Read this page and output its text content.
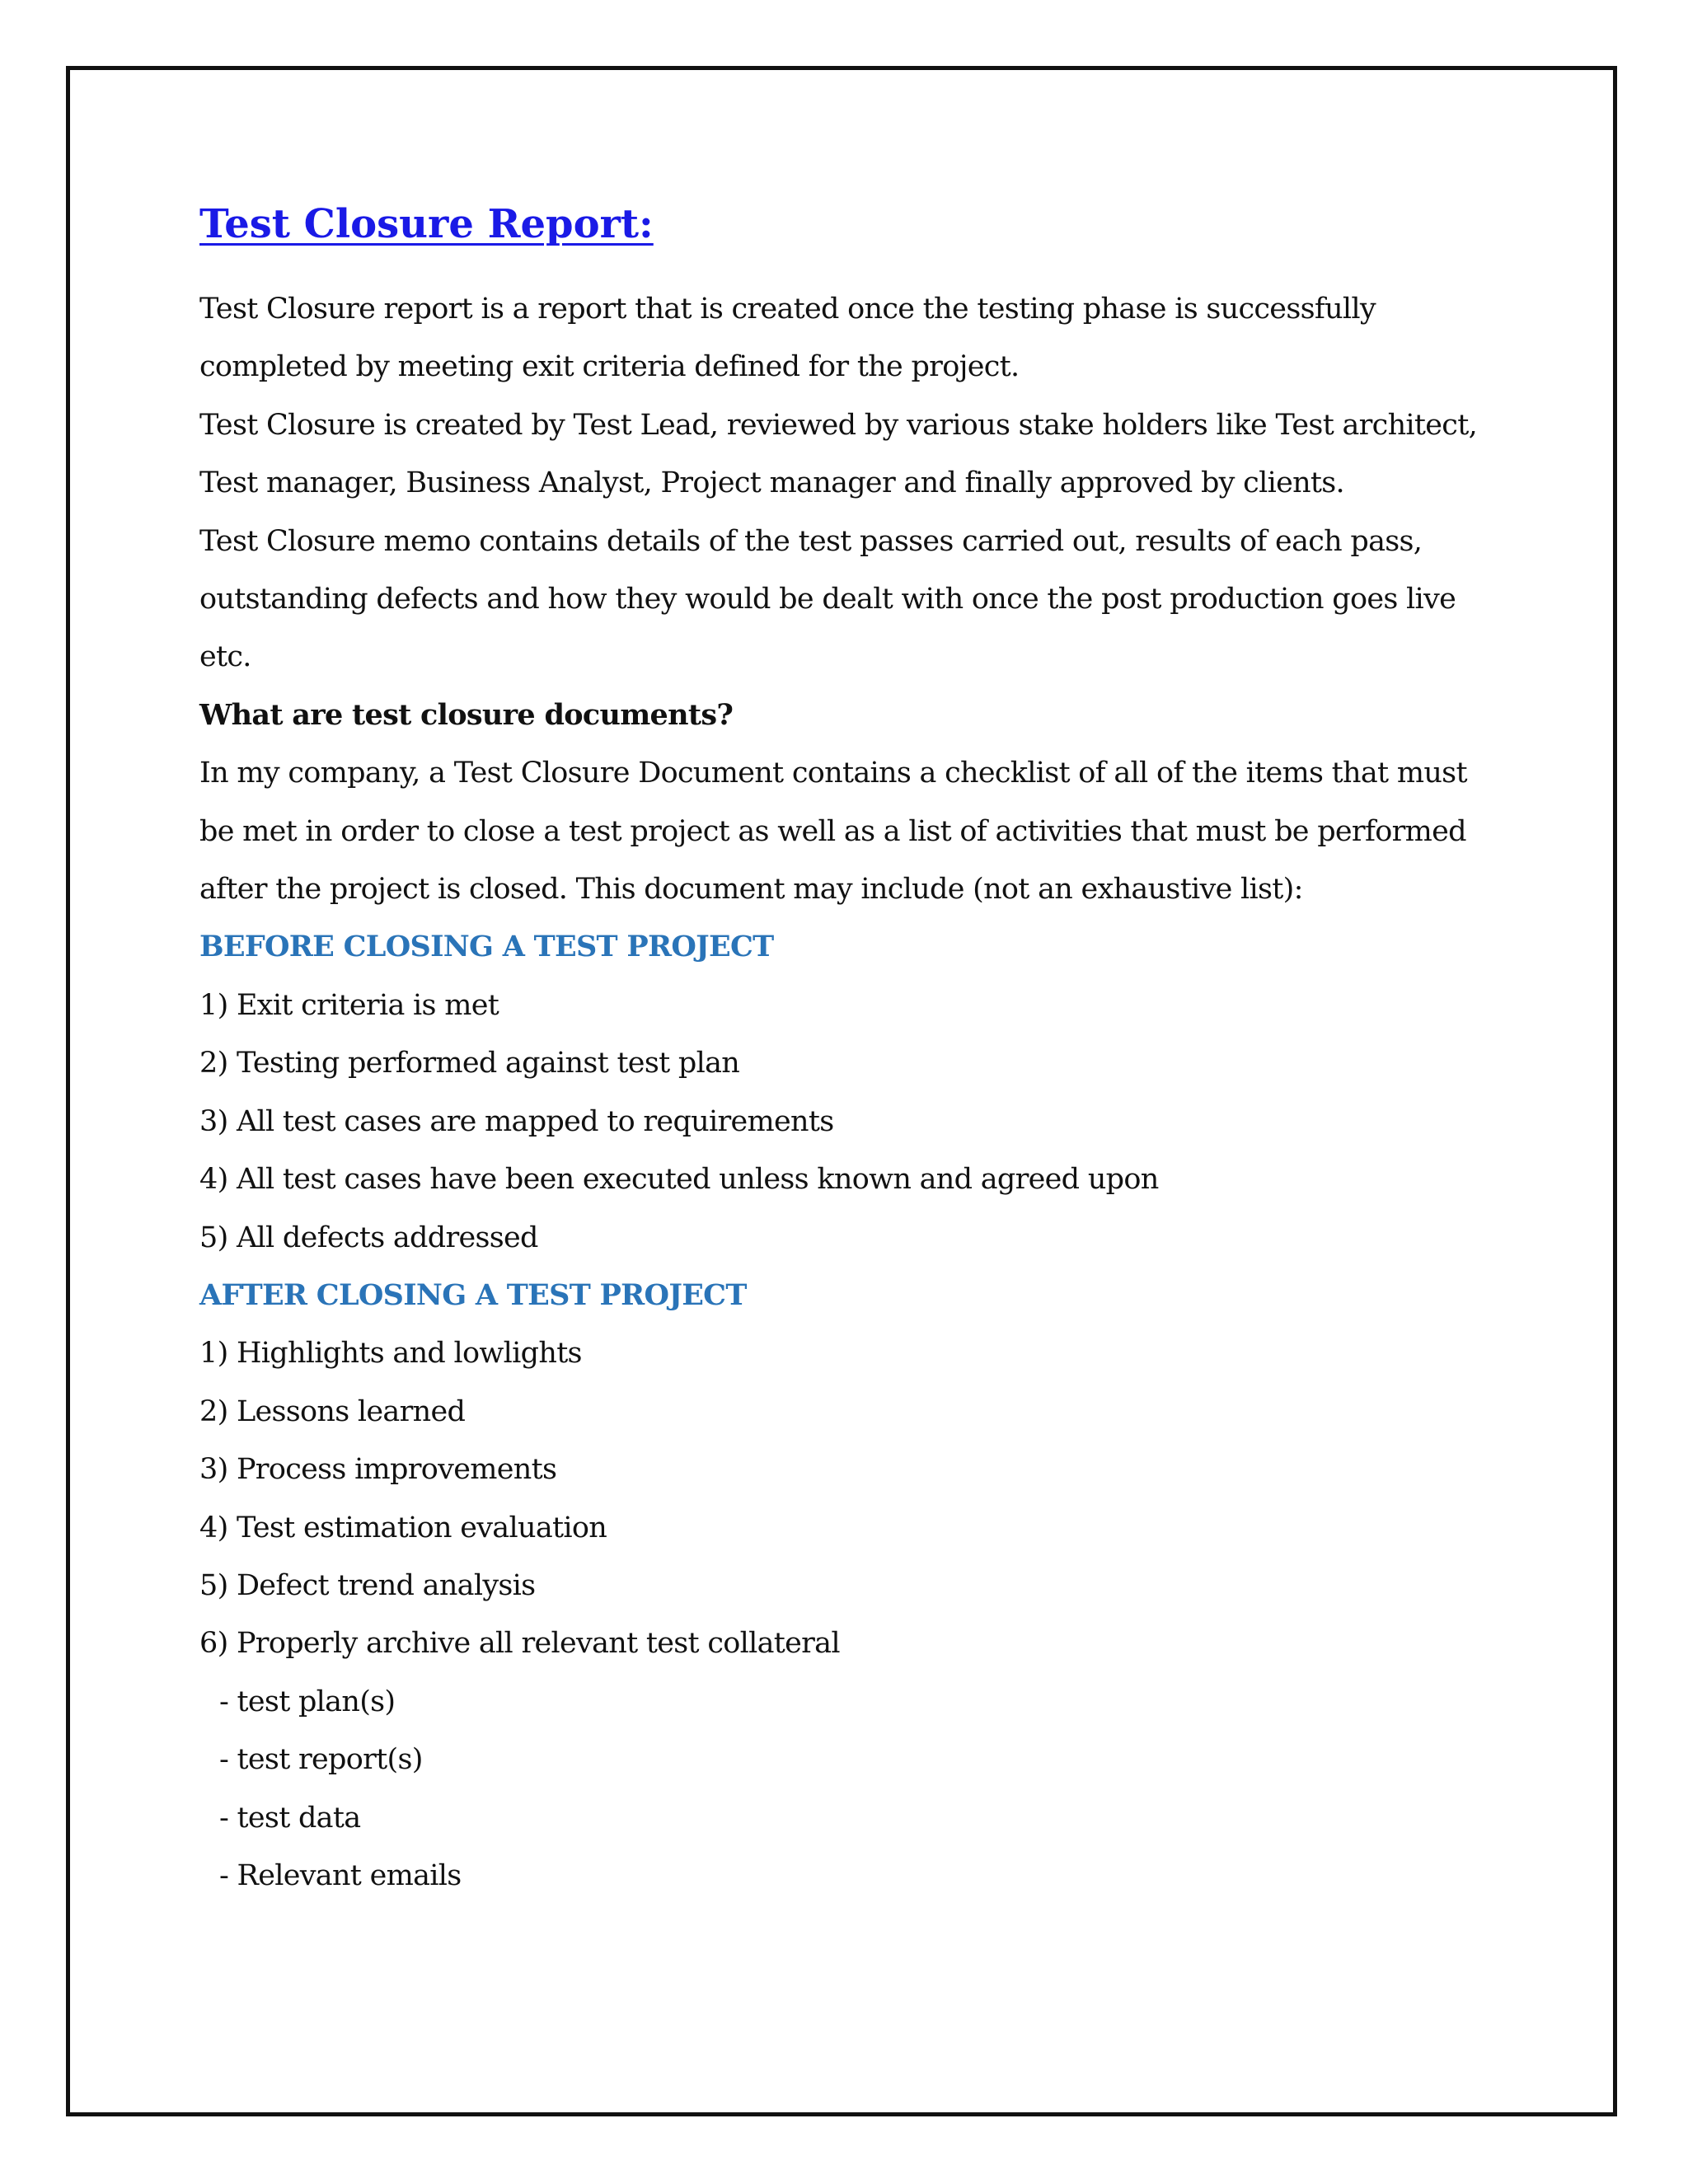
Test Closure Report:

Test Closure report is a report that is created once the testing phase is successfully

completed by meeting exit criteria defined for the project.

Test Closure is created by Test Lead, reviewed by various stake holders like Test architect,

Test manager, Business Analyst, Project manager and finally approved by clients.

Test Closure memo contains details of the test passes carried out, results of each pass,

outstanding defects and how they would be dealt with once the post production goes live

etc.

What are test closure documents?

In my company, a Test Closure Document contains a checklist of all of the items that must

be met in order to close a test project as well as a list of activities that must be performed

after the project is closed. This document may include (not an exhaustive list):

BEFORE CLOSING A TEST PROJECT

1) Exit criteria is met

2) Testing performed against test plan

3) All test cases are mapped to requirements

4) All test cases have been executed unless known and agreed upon

5) All defects addressed

AFTER CLOSING A TEST PROJECT

1) Highlights and lowlights

2) Lessons learned

3) Process improvements

4) Test estimation evaluation

5) Defect trend analysis

6) Properly archive all relevant test collateral

- test plan(s)

- test report(s)

- test data

- Relevant emails
